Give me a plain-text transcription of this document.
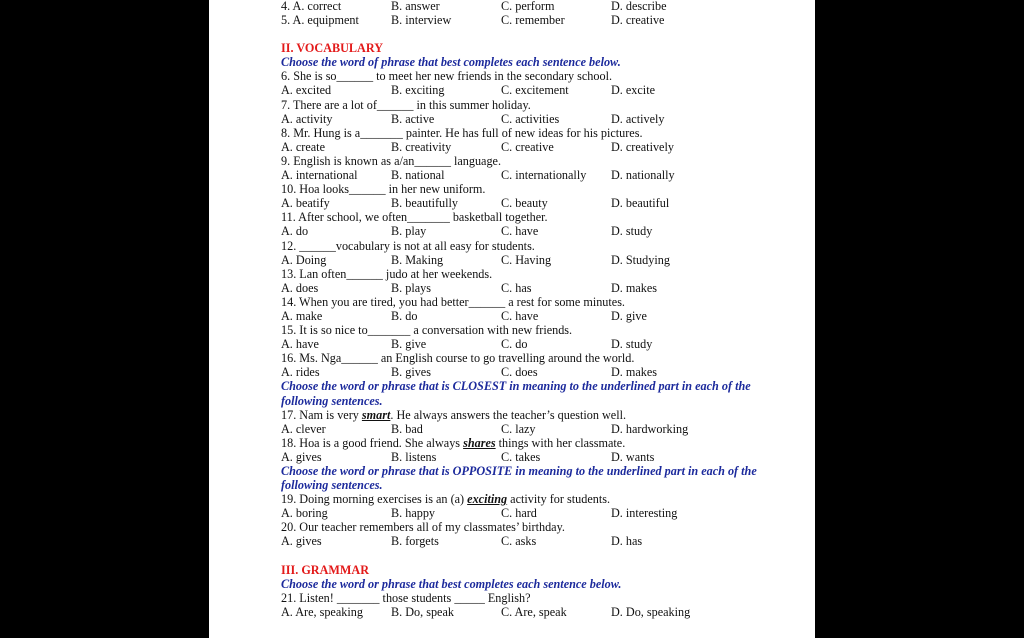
4. A. correct	B. answer	C. perform	D. describe
5. A. equipment	B. interview	C. remember	D. creative
II. VOCABULARY
Choose the word of phrase that best completes each sentence below.
6. She is so______ to meet her new friends in the secondary school.
A. excited	B. exciting	C. excitement	D. excite
7. There are a lot of______ in this summer holiday.
A. activity	B. active	C. activities	D. actively
8. Mr. Hung is a_______ painter. He has full of new ideas for his pictures.
A. create	B. creativity	C. creative	D. creatively
9. English is known as a/an______ language.
A. international	B. national	C. internationally D. nationally
10. Hoa looks______ in her new uniform.
A. beatify	B. beautifully	C. beauty	D. beautiful
11. After school, we often_______ basketball together.
A. do	B. play	C. have	D. study
12. ______vocabulary is not at all easy for students.
A. Doing	B. Making	C. Having	D. Studying
13. Lan often______ judo at her weekends.
A. does	B. plays	C. has	D. makes
14. When you are tired, you had better______ a rest for some minutes.
A. make	B. do	C. have	D. give
15. It is so nice to_______ a conversation with new friends.
A. have	B. give	C. do	D. study
16. Ms. Nga______ an English course to go travelling around the world.
A. rides	B. gives	C. does	D. makes
Choose the word or phrase that is CLOSEST in meaning to the underlined part in each of the following sentences.
17. Nam is very smart. He always answers the teacher’s question well.
A. clever	B. bad	C. lazy	D. hardworking
18. Hoa is a good friend. She always shares things with her classmate.
A. gives	B. listens	C. takes	D. wants
Choose the word or phrase that is OPPOSITE in meaning to the underlined part in each of the following sentences.
19. Doing morning exercises is an (a) exciting activity for students.
A. boring	B. happy	C. hard	D. interesting
20. Our teacher remembers all of my classmates’ birthday.
A. gives	B. forgets	C. asks	D. has
III. GRAMMAR
Choose the word or phrase that best completes each sentence below.
21. Listen! _______ those students _____ English?
A. Are, speaking B. Do, speak	C. Are, speak	D. Do, speaking
